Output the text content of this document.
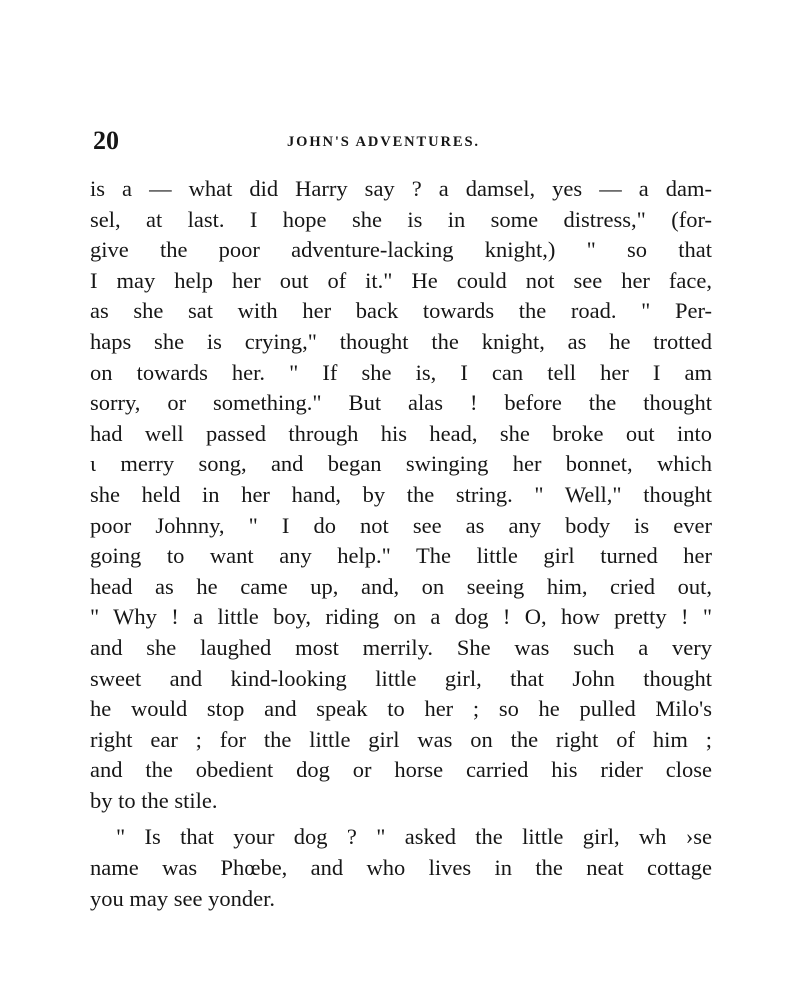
20	JOHN'S ADVENTURES.
is a — what did Harry say ? a damsel, yes — a dam-
sel, at last. I hope she is in some distress," (for-
give the poor adventure-lacking knight,) " so that
I may help her out of it." He could not see her face,
as she sat with her back towards the road. " Per-
haps she is crying," thought the knight, as he trotted
on towards her. " If she is, I can tell her I am
sorry, or something." But alas ! before the thought
had well passed through his head, she broke out into
ι merry song, and began swinging her bonnet, which
she held in her hand, by the string. " Well," thought
poor Johnny, " I do not see as any body is ever
going to want any help." The little girl turned her
head as he came up, and, on seeing him, cried out,
" Why ! a little boy, riding on a dog ! O, how pretty ! "
and she laughed most merrily. She was such a very
sweet and kind-looking little girl, that John thought
he would stop and speak to her ; so he pulled Milo's
right ear ; for the little girl was on the right of him ;
and the obedient dog or horse carried his rider close
by to the stile.
" Is that your dog ? " asked the little girl, wh ›se
name was Phœbe, and who lives in the neat cottage
you may see yonder.
